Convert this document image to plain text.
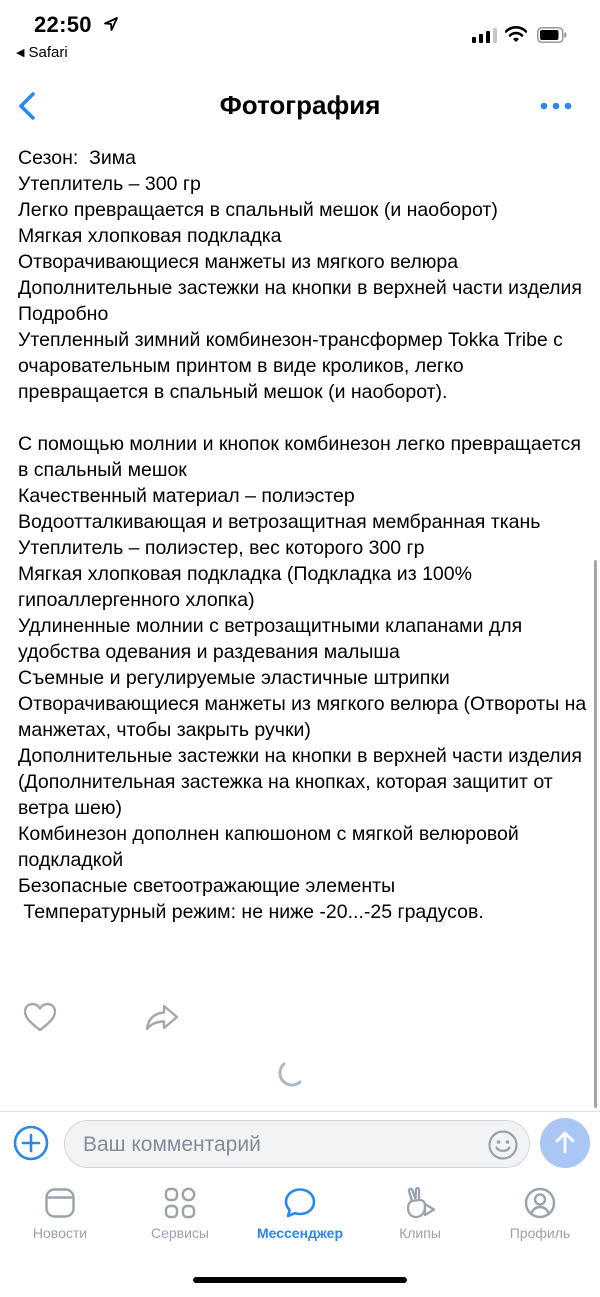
22:50
◀ Safari
Фотография
Сезон:  Зима
Утеплитель – 300 гр
Легко превращается в спальный мешок (и наоборот)
Мягкая хлопковая подкладка
Отворачивающиеся манжеты из мягкого велюра
Дополнительные застежки на кнопки в верхней части изделия
Подробно
Утепленный зимний комбинезон-трансформер Tokka Tribe с очаровательным принтом в виде кроликов, легко превращается в спальный мешок (и наоборот).

С помощью молнии и кнопок комбинезон легко превращается в спальный мешок
Качественный материал – полиэстер
Водоотталкивающая и ветрозащитная мембранная ткань
Утеплитель – полиэстер, вес которого 300 гр
Мягкая хлопковая подкладка (Подкладка из 100% гипоаллергенного хлопка)
Удлиненные молнии с ветрозащитными клапанами для удобства одевания и раздевания малыша
Съемные и регулируемые эластичные штрипки
Отворачивающиеся манжеты из мягкого велюра (Отвороты на манжетах, чтобы закрыть ручки)
Дополнительные застежки на кнопки в верхней части изделия (Дополнительная застежка на кнопках, которая защитит от ветра шею)
Комбинезон дополнен капюшоном с мягкой велюровой подкладкой
Безопасные светоотражающие элементы
Температурный режим: не ниже -20...-25 градусов.
Ваш комментарий
Новости	Сервисы	Мессенджер	Клипы	Профиль
